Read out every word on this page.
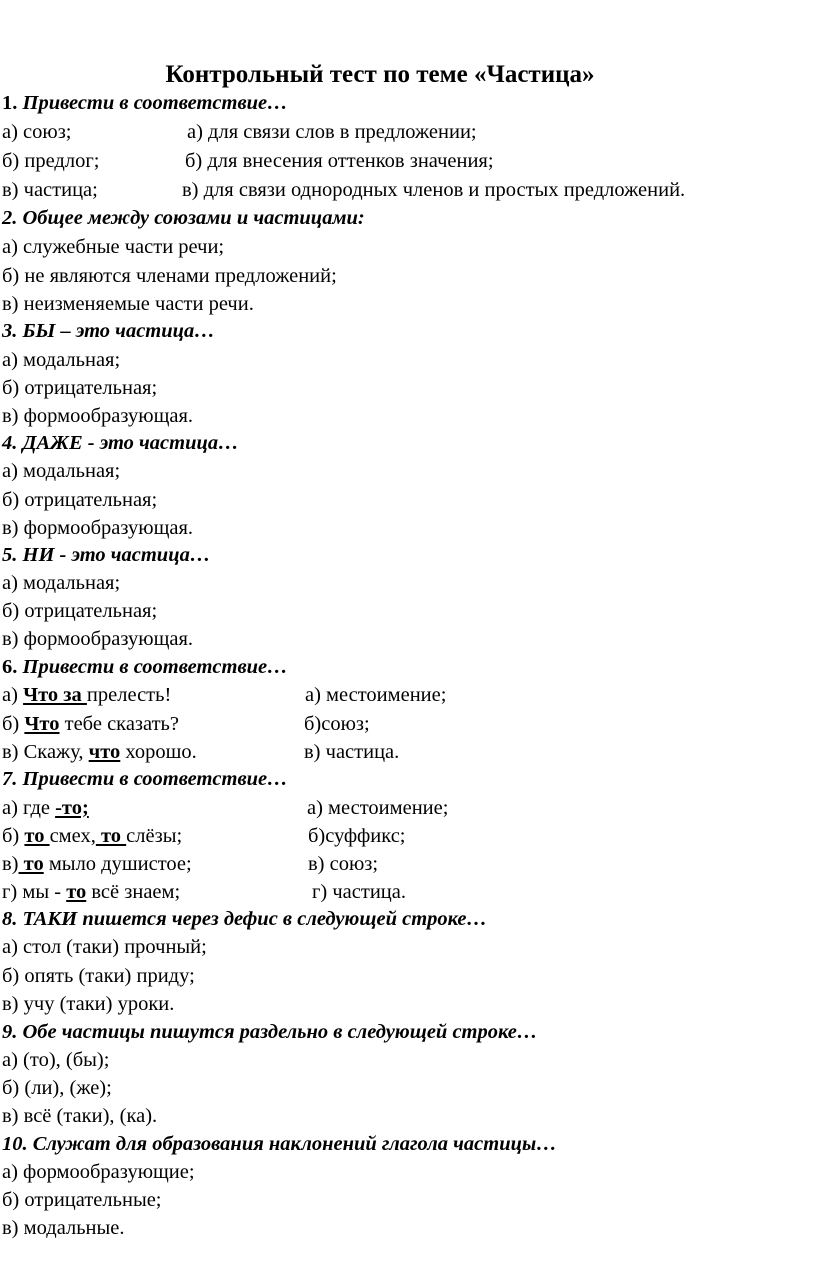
Контрольный тест по теме «Частица»
1. Привести в соответствие…
а) союз;	а) для связи слов в предложении;
б) предлог;	б) для внесения оттенков значения;
в) частица;	в) для связи однородных членов и простых предложений.
2. Общее между союзами и частицами:
а) служебные части речи;
б) не являются членами предложений;
в) неизменяемые части речи.
3. БЫ – это частица…
а) модальная;
б) отрицательная;
в) формообразующая.
4. ДАЖЕ - это частица…
а) модальная;
б) отрицательная;
в) формообразующая.
5. НИ - это частица…
а) модальная;
б) отрицательная;
в) формообразующая.
6. Привести в соответствие…
а) Что за прелесть!	а) местоимение;
б) Что тебе сказать?	б)союз;
в) Скажу, что хорошо.	в) частица.
7. Привести в соответствие…
а) где -то;	а) местоимение;
б) то смех, то слёзы;	б)суффикс;
в) то мыло душистое;	в) союз;
г) мы - то всё знаем;	г) частица.
8. ТАКИ пишется через дефис в следующей строке…
а) стол (таки) прочный;
б) опять (таки) приду;
в) учу (таки) уроки.
9. Обе частицы пишутся раздельно в следующей строке…
а) (то), (бы);
б) (ли), (же);
в) всё (таки), (ка).
10. Служат для образования наклонений глагола частицы…
а) формообразующие;
б) отрицательные;
в) модальные.
